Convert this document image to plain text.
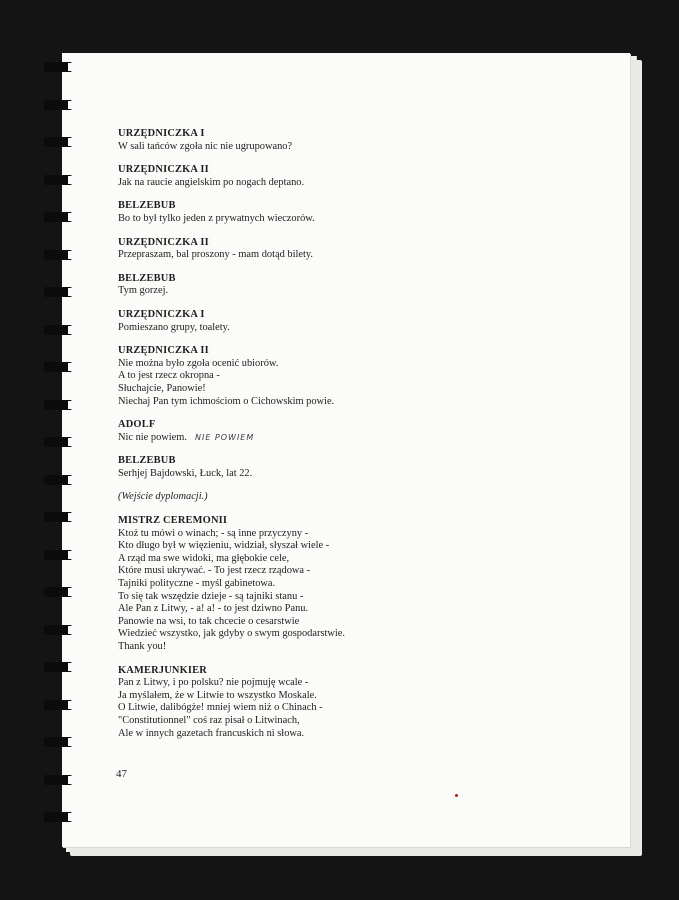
URZĘDNICZKA I
W sali tańców zgoła nic nie ugrupowano?
URZĘDNICZKA II
Jak na raucie angielskim po nogach deptano.
BELZEBUB
Bo to był tylko jeden z prywatnych wieczorów.
URZĘDNICZKA II
Przepraszam, bal proszony - mam dotąd bilety.
BELZEBUB
Tym gorzej.
URZĘDNICZKA I
Pomieszano grupy, toalety.
URZĘDNICZKA II
Nie można było zgoła ocenić ubiorów.
A to jest rzecz okropna -
Słuchajcie, Panowie!
Niechaj Pan tym ichmościom o Cichowskim powie.
ADOLF
Nic nie powiem. NIE POWIEM
BELZEBUB
Serhjej Bajdowski, Łuck, lat 22.
(Wejście dyplomacji.)
MISTRZ CEREMONII
Ktoż tu mówi o winach; - są inne przyczyny -
Kto długo był w więzieniu, widział, słyszał wiele -
A rząd ma swe widoki, ma głębokie cele,
Które musi ukrywać. - To jest rzecz rządowa -
Tajniki polityczne - myśl gabinetowa.
To się tak wszędzie dzieje - są tajniki stanu -
Ale Pan z Litwy, - a! a! - to jest dziwno Panu.
Panowie na wsi, to tak chcecie o cesarstwie
Wiedzieć wszystko, jak gdyby o swym gospodarstwie.
Thank you!
KAMERJUNKIER
Pan z Litwy, i po polsku? nie pojmuję wcale -
Ja myślałem, że w Litwie to wszystko Moskale.
O Litwie, dalibógże! mniej wiem niż o Chinach -
"Constitutionnel" coś raz pisał o Litwinach,
Ale w innych gazetach francuskich ni słowa.
47
